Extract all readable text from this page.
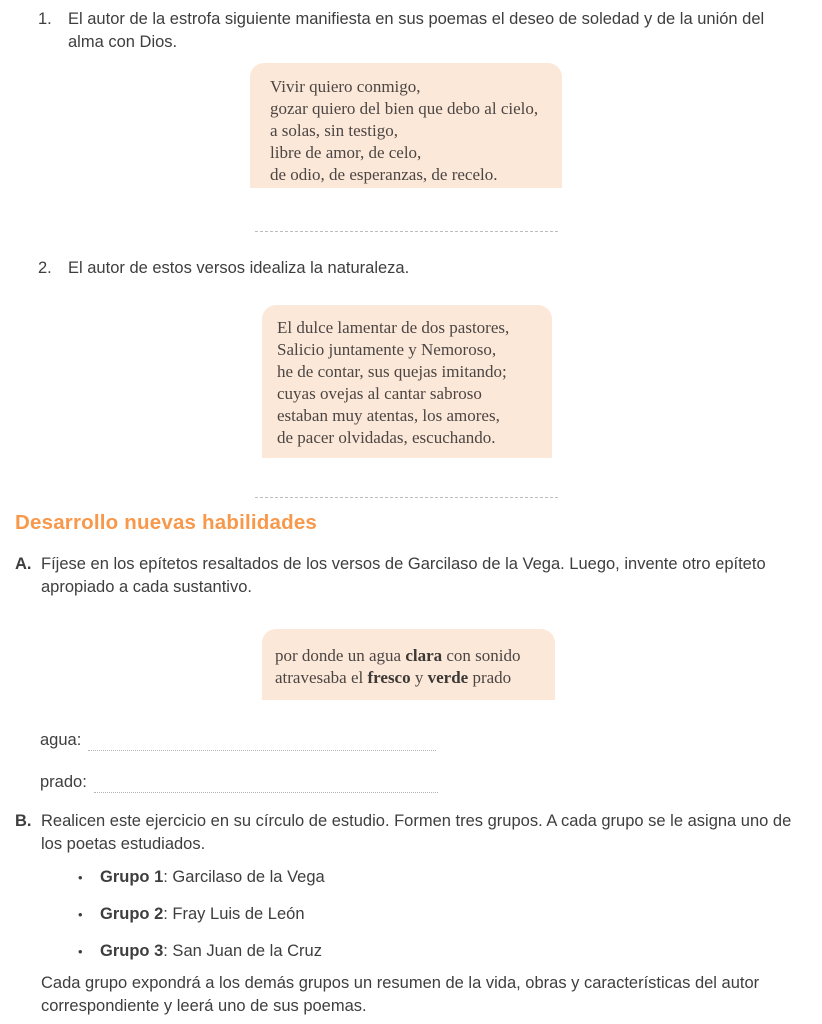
1. El autor de la estrofa siguiente manifiesta en sus poemas el deseo de soledad y de la unión del alma con Dios.
Vivir quiero conmigo,
gozar quiero del bien que debo al cielo,
a solas, sin testigo,
libre de amor, de celo,
de odio, de esperanzas, de recelo.
2. El autor de estos versos idealiza la naturaleza.
El dulce lamentar de dos pastores,
Salicio juntamente y Nemoroso,
he de contar, sus quejas imitando;
cuyas ovejas al cantar sabroso
estaban muy atentas, los amores,
de pacer olvidadas, escuchando.
Desarrollo nuevas habilidades
A. Fíjese en los epítetos resaltados de los versos de Garcilaso de la Vega. Luego, invente otro epíteto apropiado a cada sustantivo.
por donde un agua clara con sonido
atravesaba el fresco y verde prado
agua:
prado:
B. Realicen este ejercicio en su círculo de estudio. Formen tres grupos. A cada grupo se le asigna uno de los poetas estudiados.
•	Grupo 1: Garcilaso de la Vega
•	Grupo 2: Fray Luis de León
•	Grupo 3: San Juan de la Cruz
Cada grupo expondrá a los demás grupos un resumen de la vida, obras y características del autor correspondiente y leerá uno de sus poemas.
